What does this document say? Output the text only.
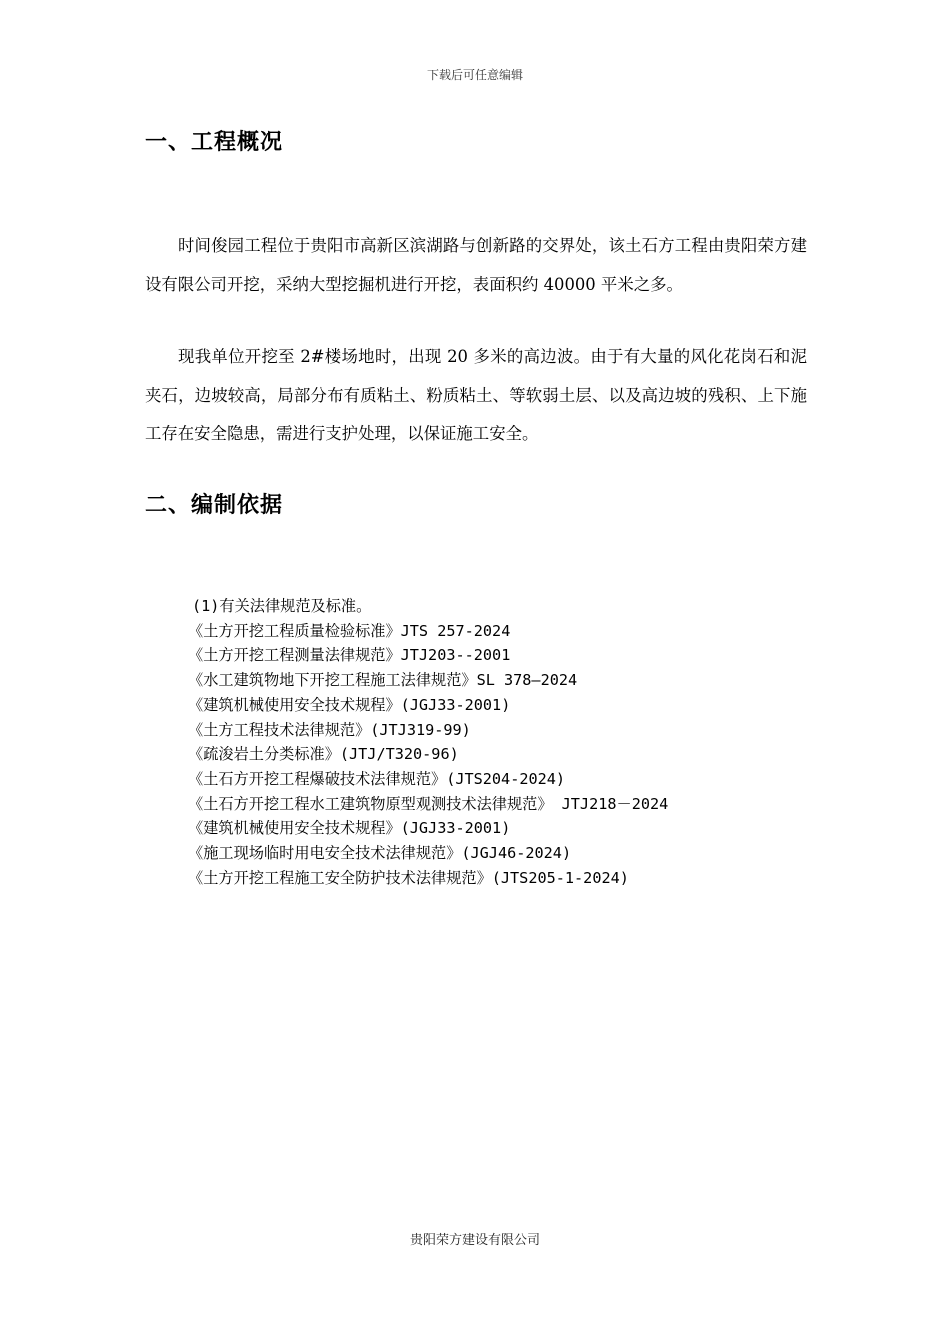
下载后可任意编辑
一、工程概况

时间俊园工程位于贵阳市高新区滨湖路与创新路的交界处，该土石方工程由贵阳荣方建设有限公司开挖，采纳大型挖掘机进行开挖，表面积约 40000 平米之多。

现我单位开挖至 2#楼场地时，出现 20 多米的高边波。由于有大量的风化花岗石和泥夹石，边坡较高，局部分布有质粘土、粉质粘土、等软弱土层、以及高边坡的残积、上下施工存在安全隐患，需进行支护处理，以保证施工安全。

二、编制依据
(1)有关法律规范及标准。
《土方开挖工程质量检验标准》JTS 257-2024
《土方开挖工程测量法律规范》JTJ203--2001
《水工建筑物地下开挖工程施工法律规范》SL 378—2024
《建筑机械使用安全技术规程》(JGJ33-2001)
《土方工程技术法律规范》(JTJ319-99)
《疏浚岩土分类标准》(JTJ/T320-96)
《土石方开挖工程爆破技术法律规范》(JTS204-2024)
《土石方开挖工程水工建筑物原型观测技术法律规范》 JTJ218－2024
《建筑机械使用安全技术规程》(JGJ33-2001)
《施工现场临时用电安全技术法律规范》(JGJ46-2024)
《土方开挖工程施工安全防护技术法律规范》(JTS205-1-2024)
贵阳荣方建设有限公司
